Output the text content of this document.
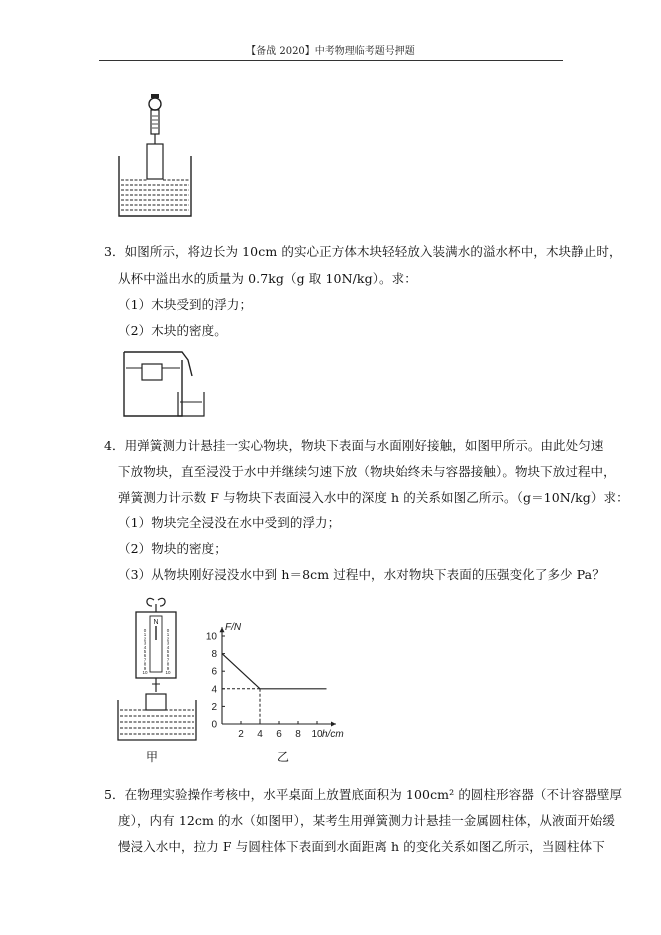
【备战 2020】中考物理临考题号押题
3．如图所示，将边长为 10cm 的实心正方体木块轻轻放入装满水的溢水杯中，木块静止时，
从杯中溢出水的质量为 0.7kg（g 取 10N/kg）。求：
（1）木块受到的浮力；
（2）木块的密度。
4．用弹簧测力计悬挂一实心物块，物块下表面与水面刚好接触，如图甲所示。由此处匀速
下放物块，直至浸没于水中并继续匀速下放（物块始终未与容器接触）。物块下放过程中，
弹簧测力计示数 F 与物块下表面浸入水中的深度 h 的关系如图乙所示。（g＝10N/kg）求：
（1）物块完全浸没在水中受到的浮力；
（2）物块的密度；
（3）从物块刚好浸没水中到 h＝8cm 过程中，水对物块下表面的压强变化了多少 Pa？
N
0
1
2
3
4
5
6
7
8
9
10
0
1
2
3
4
5
6
7
8
9
10
甲
0
2
4
6
8
10
2 4 6 8 10
F/N
h/cm
乙
5．在物理实验操作考核中，水平桌面上放置底面积为 100cm² 的圆柱形容器（不计容器壁厚
度），内有 12cm 的水（如图甲），某考生用弹簧测力计悬挂一金属圆柱体，从液面开始缓
慢浸入水中，拉力 F 与圆柱体下表面到水面距离 h 的变化关系如图乙所示，当圆柱体下
